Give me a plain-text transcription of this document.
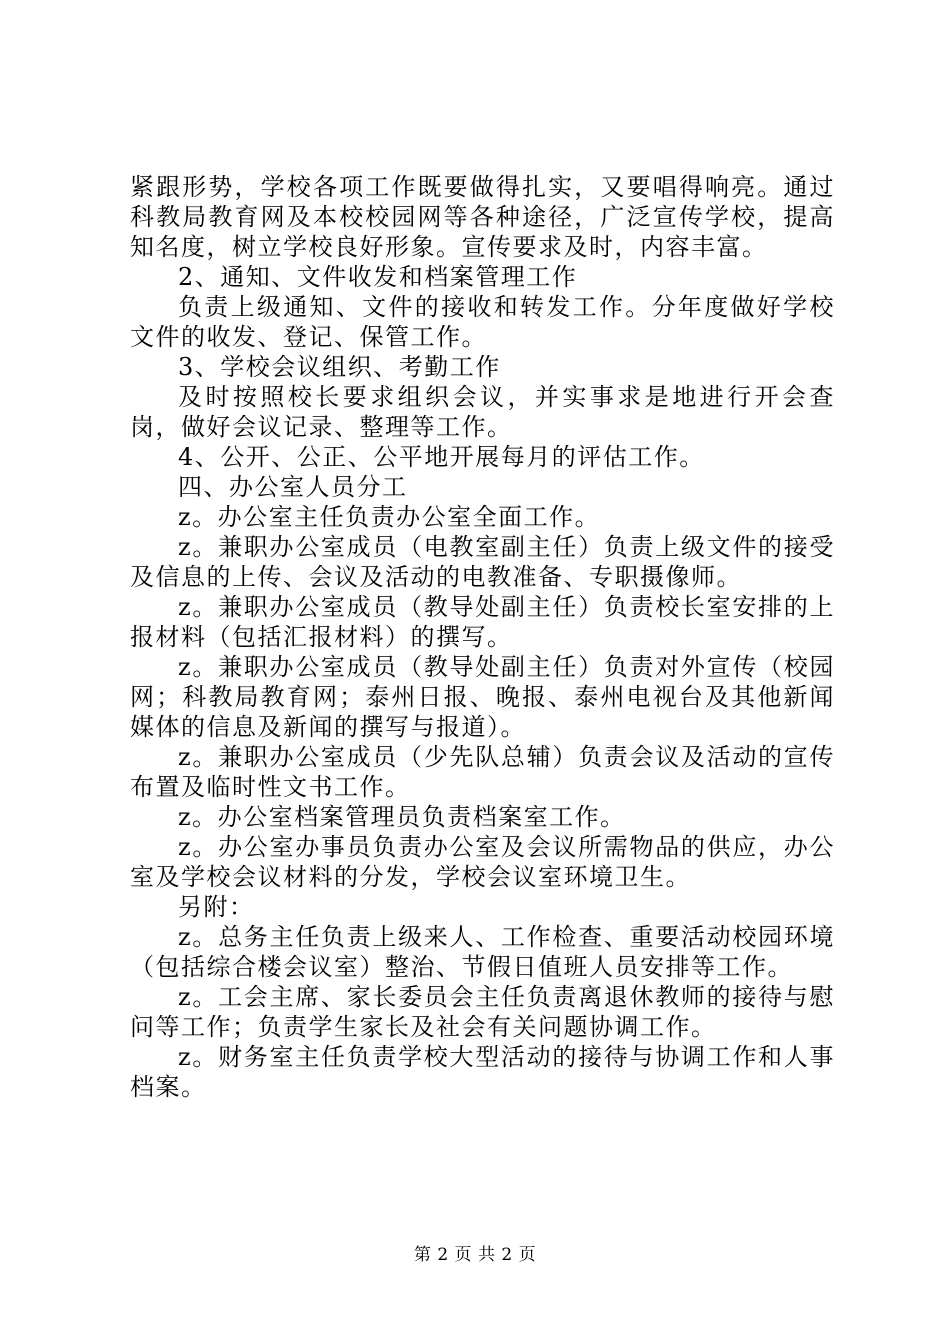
紧跟形势，学校各项工作既要做得扎实，又要唱得响亮。通过科教局教育网及本校校园网等各种途径，广泛宣传学校，提高知名度，树立学校良好形象。宣传要求及时，内容丰富。

2、通知、文件收发和档案管理工作

负责上级通知、文件的接收和转发工作。分年度做好学校文件的收发、登记、保管工作。

3、学校会议组织、考勤工作

及时按照校长要求组织会议，并实事求是地进行开会查岗，做好会议记录、整理等工作。

4、公开、公正、公平地开展每月的评估工作。

四、办公室人员分工

z。办公室主任负责办公室全面工作。

z。兼职办公室成员（电教室副主任）负责上级文件的接受及信息的上传、会议及活动的电教准备、专职摄像师。

z。兼职办公室成员（教导处副主任）负责校长室安排的上报材料（包括汇报材料）的撰写。

z。兼职办公室成员（教导处副主任）负责对外宣传（校园网；科教局教育网；泰州日报、晚报、泰州电视台及其他新闻媒体的信息及新闻的撰写与报道）。

z。兼职办公室成员（少先队总辅）负责会议及活动的宣传布置及临时性文书工作。

z。办公室档案管理员负责档案室工作。

z。办公室办事员负责办公室及会议所需物品的供应，办公室及学校会议材料的分发，学校会议室环境卫生。

另附：

z。总务主任负责上级来人、工作检查、重要活动校园环境（包括综合楼会议室）整治、节假日值班人员安排等工作。

z。工会主席、家长委员会主任负责离退休教师的接待与慰问等工作；负责学生家长及社会有关问题协调工作。

z。财务室主任负责学校大型活动的接待与协调工作和人事档案。

第 2 页 共 2 页
